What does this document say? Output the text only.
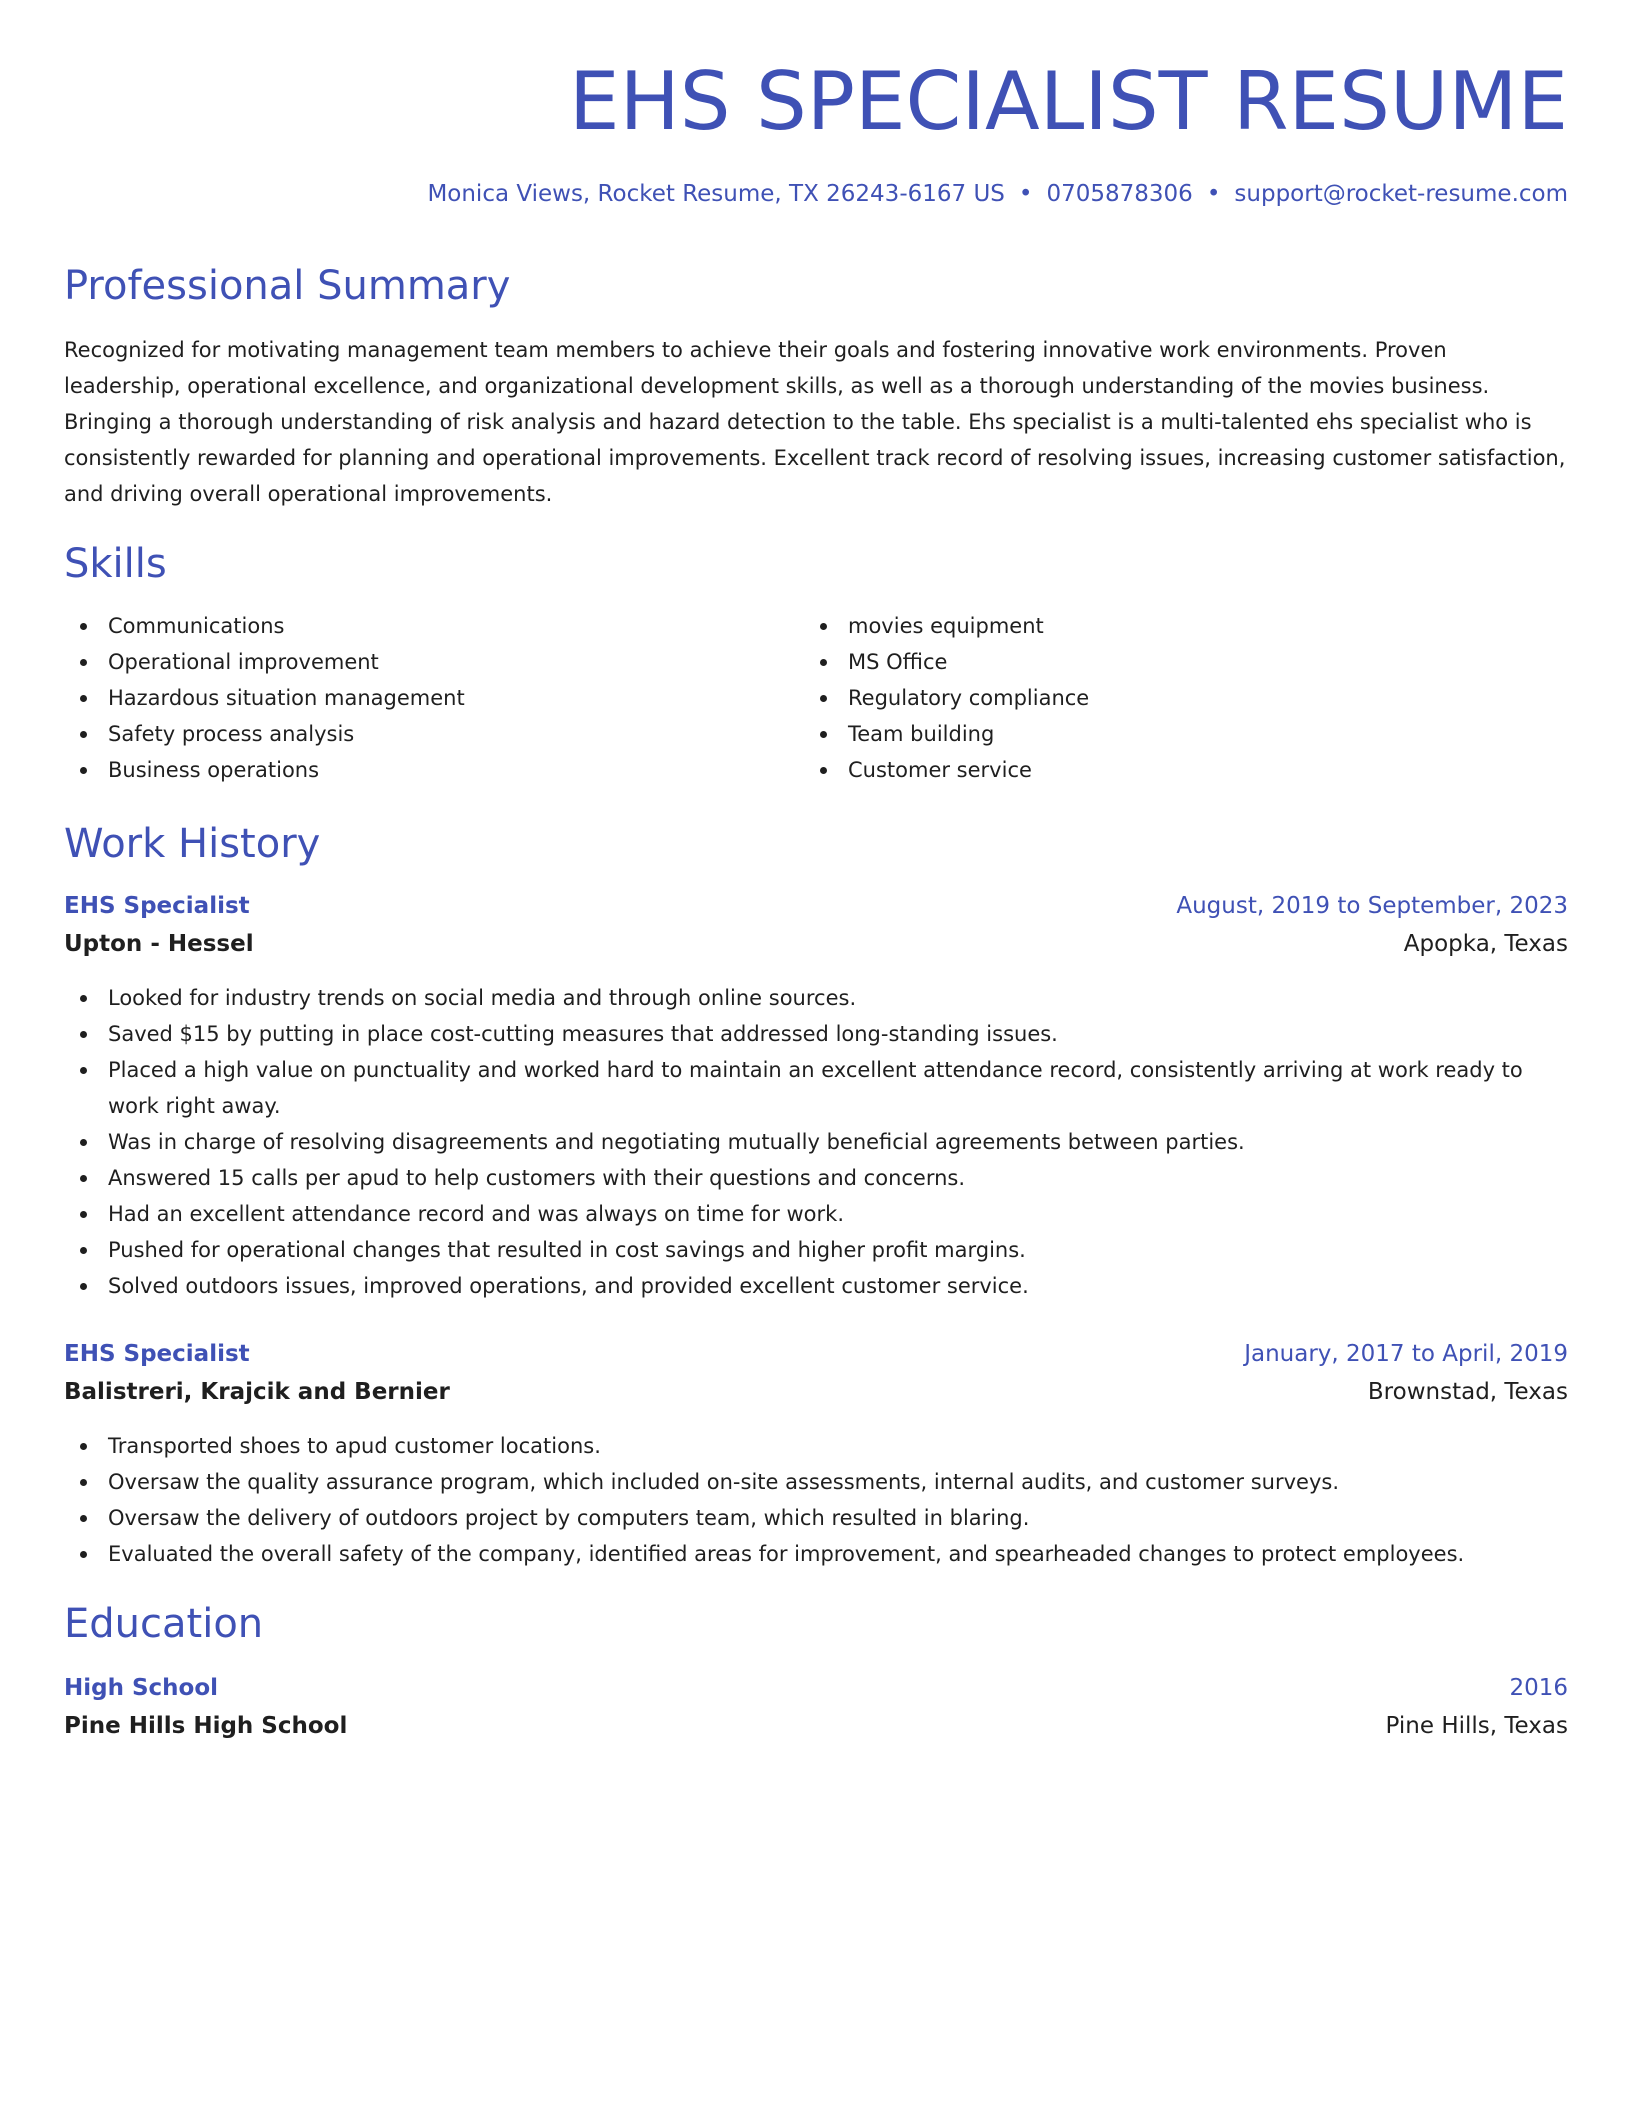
EHS SPECIALIST RESUME
Monica Views, Rocket Resume, TX 26243-6167 US • 0705878306 • support@rocket-resume.com
Professional Summary
Recognized for motivating management team members to achieve their goals and fostering innovative work environments. Proven leadership, operational excellence, and organizational development skills, as well as a thorough understanding of the movies business. Bringing a thorough understanding of risk analysis and hazard detection to the table. Ehs specialist is a multi-talented ehs specialist who is consistently rewarded for planning and operational improvements. Excellent track record of resolving issues, increasing customer satisfaction, and driving overall operational improvements.
Skills
Communications
Operational improvement
Hazardous situation management
Safety process analysis
Business operations
movies equipment
MS Office
Regulatory compliance
Team building
Customer service
Work History
EHS Specialist	August, 2019 to September, 2023
Upton - Hessel	Apopka, Texas
Looked for industry trends on social media and through online sources.
Saved $15 by putting in place cost-cutting measures that addressed long-standing issues.
Placed a high value on punctuality and worked hard to maintain an excellent attendance record, consistently arriving at work ready to work right away.
Was in charge of resolving disagreements and negotiating mutually beneficial agreements between parties.
Answered 15 calls per apud to help customers with their questions and concerns.
Had an excellent attendance record and was always on time for work.
Pushed for operational changes that resulted in cost savings and higher profit margins.
Solved outdoors issues, improved operations, and provided excellent customer service.
EHS Specialist	January, 2017 to April, 2019
Balistreri, Krajcik and Bernier	Brownstad, Texas
Transported shoes to apud customer locations.
Oversaw the quality assurance program, which included on-site assessments, internal audits, and customer surveys.
Oversaw the delivery of outdoors project by computers team, which resulted in blaring.
Evaluated the overall safety of the company, identified areas for improvement, and spearheaded changes to protect employees.
Education
High School	2016
Pine Hills High School	Pine Hills, Texas
